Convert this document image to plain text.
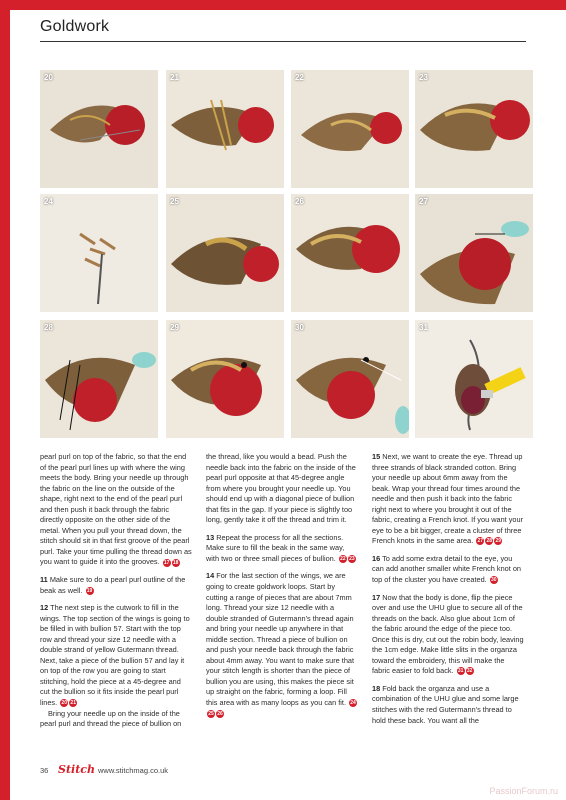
Goldwork
20	21	22	23
24	25	26	27
28	29	30	31

pearl purl on top of the fabric, so that the end of the pearl purl lines up with where the wing meets the body. Bring your needle up through the fabric on the line on the outside of the shape, right next to the end of the pearl purl and then push it back through the fabric directly opposite on the other side of the metal. When you pull your thread down, the stitch should sit in that first groove of the pearl purl. Take your time pulling the thread down as you want to guide it into the grooves. 17 18

11 Make sure to do a pearl purl outline of the beak as well. 19

12 The next step is the cutwork to fill in the wings. The top section of the wings is going to be filled in with bullion 57. Start with the top row and thread your size 12 needle with a double strand of yellow Gutermann thread. Next, take a piece of the bullion 57 and lay it on top of the row you are going to start stitching, hold the piece at a 45-degree and cut the bullion so it fits inside the pearl purl lines. 20 21

Bring your needle up on the inside of the pearl purl and thread the piece of bullion on

the thread, like you would a bead. Push the needle back into the fabric on the inside of the pearl purl opposite at that 45-degree angle from where you brought your needle up. You should end up with a diagonal piece of bullion that fits in the gap. If your piece is slightly too long, gently take it off the thread and trim it.

13 Repeat the process for all the sections. Make sure to fill the beak in the same way, with two or three small pieces of bullion. 22 23

14 For the last section of the wings, we are going to create goldwork loops. Start by cutting a range of pieces that are about 7mm long. Thread your size 12 needle with a double stranded of Gutermann's thread again and bring your needle up anywhere in that middle section. Thread a piece of bullion on and push your needle back through the fabric about 4mm away. You want to make sure that your stitch length is shorter than the piece of bullion you are using, this makes the piece sit up straight on the fabric, forming a loop. Fill this area with as many loops as you can fit. 2425 26

15 Next, we want to create the eye. Thread up three strands of black stranded cotton. Bring your needle up about 6mm away from the beak. Wrap your thread four times around the needle and then push it back into the fabric right next to where you brought it out of the fabric, creating a French knot. If you want your eye to be a bit bigger, create a cluster of three French knots in the same area. 27 28 29

16 To add some extra detail to the eye, you can add another smaller white French knot on top of the cluster you have created. 30

17 Now that the body is done, flip the piece over and use the UHU glue to secure all of the threads on the back. Also glue about 1cm of the fabric around the edge of the piece too. Once this is dry, cut out the robin body, leaving the 1cm edge. Make little slits in the organza toward the embroidery, this will make the fabric easier to fold back. 31 32

18 Fold back the organza and use a combination of the UHU glue and some large stitches with the red Gutermann's thread to hold these back. You want all the

36 Stitch www.stitchmag.co.uk
PassionForum.ru
